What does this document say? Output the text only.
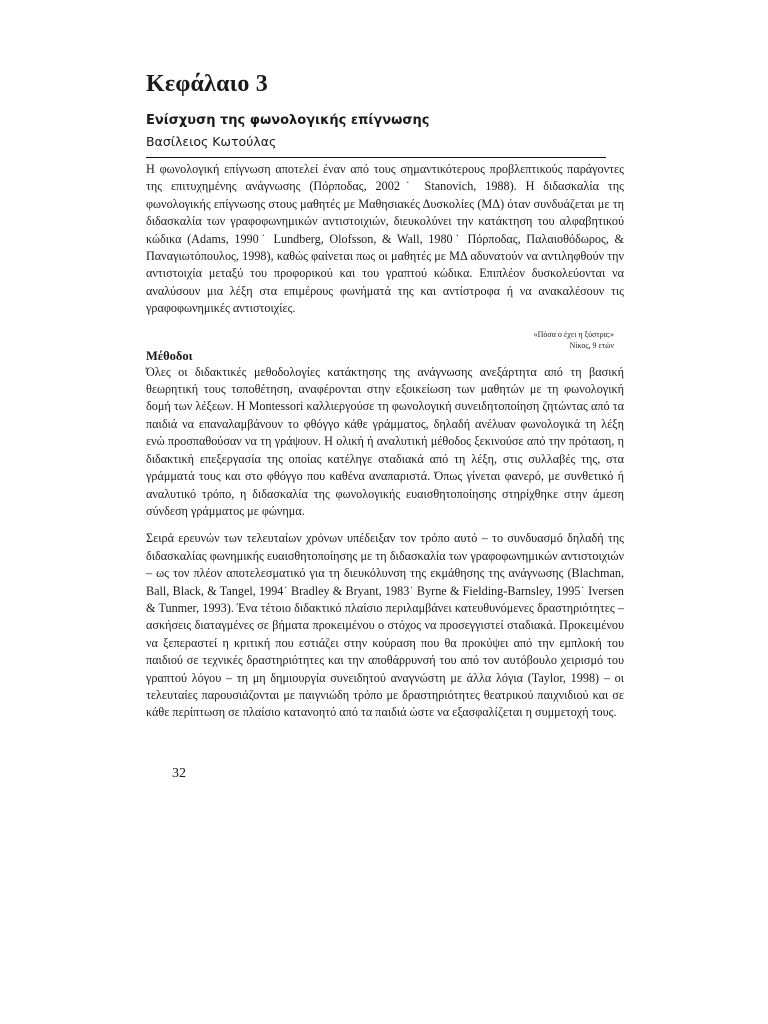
Κεφάλαιο 3
Ενίσχυση της φωνολογικής επίγνωσης

Βασίλειος Κωτούλας

Η φωνολογική επίγνωση αποτελεί έναν από τους σημαντικότερους προβλεπτικούς παράγοντες της επιτυχημένης ανάγνωσης (Πόρποδας, 2002˙ Stanovich, 1988). Η διδασκαλία της φωνολογικής επίγνωσης στους μαθητές με Μαθησιακές Δυσκολίες (ΜΔ) όταν συνδυάζεται με τη διδασκαλία των γραφοφωνημικών αντιστοιχιών, διευκολύνει την κατάκτηση του αλφαβητικού κώδικα (Adams, 1990˙ Lundberg, Olofsson, & Wall, 1980˙ Πόρποδας, Παλαιοθόδωρος, & Παναγιωτόπουλος, 1998), καθώς φαίνεται πως οι μαθητές με ΜΔ αδυνατούν να αντιληφθούν την αντιστοιχία μεταξύ του προφορικού και του γραπτού κώδικα. Επιπλέον δυσκολεύονται να αναλύσουν μια λέξη στα επιμέρους φωνήματά της και αντίστροφα ή να ανακαλέσουν τις γραφοφωνημικές αντιστοιχίες.

«Πόσα ο έχει η ξύστρα;»
Νίκος, 9 ετών
Μέθοδοι

Όλες οι διδακτικές μεθοδολογίες κατάκτησης της ανάγνωσης ανεξάρτητα από τη βασική θεωρητική τους τοποθέτηση, αναφέρονται στην εξοικείωση των μαθητών με τη φωνολογική δομή των λέξεων. Η Montessori καλλιεργούσε τη φωνολογική συνειδητοποίηση ζητώντας από τα παιδιά να επαναλαμβάνουν το φθόγγο κάθε γράμματος, δηλαδή ανέλυαν φωνολογικά τη λέξη ενώ προσπαθούσαν να τη γράψουν. Η ολική ή αναλυτική μέθοδος ξεκινούσε από την πρόταση, η διδακτική επεξεργασία της οποίας κατέληγε σταδιακά από τη λέξη, στις συλλαβές της, στα γράμματά τους και στο φθόγγο που καθένα αναπαριστά. Όπως γίνεται φανερό, με συνθετικό ή αναλυτικό τρόπο, η διδασκαλία της φωνολογικής ευαισθητοποίησης στηρίχθηκε στην άμεση σύνδεση γράμματος με φώνημα.

Σειρά ερευνών των τελευταίων χρόνων υπέδειξαν τον τρόπο αυτό – το συνδυασμό δηλαδή της διδασκαλίας φωνημικής ευαισθητοποίησης με τη διδασκαλία των γραφοφωνημικών αντιστοιχιών – ως τον πλέον αποτελεσματικό για τη διευκόλυνση της εκμάθησης της ανάγνωσης (Blachman, Ball, Black, & Tangel, 1994˙ Bradley & Bryant, 1983˙ Byrne & Fielding-Barnsley, 1995˙ Iversen & Tunmer, 1993). Ένα τέτοιο διδακτικό πλαίσιο περιλαμβάνει κατευθυνόμενες δραστηριότητες – ασκήσεις διαταγμένες σε βήματα προκειμένου ο στόχος να προσεγγιστεί σταδιακά. Προκειμένου να ξεπεραστεί η κριτική που εστιάζει στην κούραση που θα προκύψει από την εμπλοκή του παιδιού σε τεχνικές δραστηριότητες και την αποθάρρυνσή του από τον αυτόβουλο χειρισμό του γραπτού λόγου – τη μη δημιουργία συνειδητού αναγνώστη με άλλα λόγια (Taylor, 1998) – οι τελευταίες παρουσιάζονται με παιγνιώδη τρόπο με δραστηριότητες θεατρικού παιχνιδιού και σε κάθε περίπτωση σε πλαίσιο κατανοητό από τα παιδιά ώστε να εξασφαλίζεται η συμμετοχή τους.

32
